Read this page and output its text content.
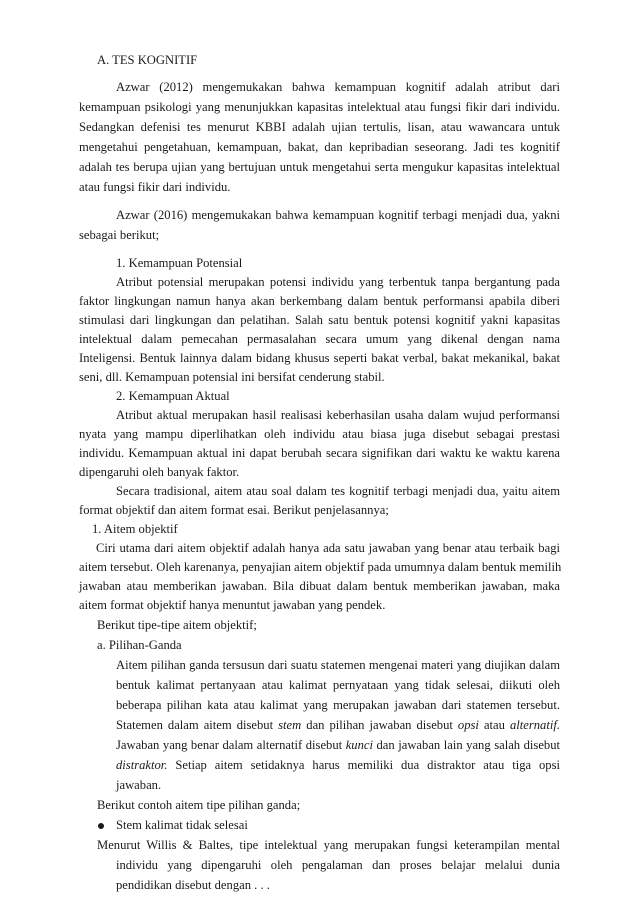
A. TES KOGNITIF
Azwar (2012) mengemukakan bahwa kemampuan kognitif adalah atribut dari
kemampuan psikologi yang menunjukkan kapasitas intelektual atau fungsi fikir dari individu.
Sedangkan defenisi tes menurut KBBI adalah ujian tertulis, lisan, atau wawancara untuk
mengetahui pengetahuan, kemampuan, bakat, dan kepribadian seseorang. Jadi tes kognitif
adalah tes berupa ujian yang bertujuan untuk mengetahui serta mengukur kapasitas intelektual
atau fungsi fikir dari individu.
Azwar (2016) mengemukakan bahwa kemampuan kognitif terbagi menjadi dua, yakni
sebagai berikut;
1. Kemampuan Potensial
Atribut potensial merupakan potensi individu yang terbentuk tanpa bergantung pada
faktor lingkungan namun hanya akan berkembang dalam bentuk performansi apabila diberi
stimulasi dari lingkungan dan pelatihan. Salah satu bentuk potensi kognitif yakni kapasitas
intelektual dalam pemecahan permasalahan secara umum yang dikenal dengan nama
Inteligensi. Bentuk lainnya dalam bidang khusus seperti bakat verbal, bakat mekanikal, bakat
seni, dll. Kemampuan potensial ini bersifat cenderung stabil.
2. Kemampuan Aktual
Atribut aktual merupakan hasil realisasi keberhasilan usaha dalam wujud performansi
nyata yang mampu diperlihatkan oleh individu atau biasa juga disebut sebagai prestasi
individu. Kemampuan aktual ini dapat berubah secara signifikan dari waktu ke waktu karena
dipengaruhi oleh banyak faktor.
Secara tradisional, aitem atau soal dalam tes kognitif terbagi menjadi dua, yaitu aitem
format objektif dan aitem format esai. Berikut penjelasannya;
1. Aitem objektif
Ciri utama dari aitem objektif adalah hanya ada satu jawaban yang benar atau terbaik bagi
aitem tersebut. Oleh karenanya, penyajian aitem objektif pada umumnya dalam bentuk memilih
jawaban atau memberikan jawaban. Bila dibuat dalam bentuk memberikan jawaban, maka
aitem format objektif hanya menuntut jawaban yang pendek.
Berikut tipe-tipe aitem objektif;
a. Pilihan-Ganda
Aitem pilihan ganda tersusun dari suatu statemen mengenai materi yang diujikan dalam
bentuk kalimat pertanyaan atau kalimat pernyataan yang tidak selesai, diikuti oleh
beberapa pilihan kata atau kalimat yang merupakan jawaban dari statemen tersebut.
Statemen dalam aitem disebut stem dan pilihan jawaban disebut opsi atau alternatif.
Jawaban yang benar dalam alternatif disebut kunci dan jawaban lain yang salah disebut
distraktor. Setiap aitem setidaknya harus memiliki dua distraktor atau tiga opsi
jawaban.
Berikut contoh aitem tipe pilihan ganda;
Stem kalimat tidak selesai
Menurut Willis & Baltes, tipe intelektual yang merupakan fungsi keterampilan mental
individu yang dipengaruhi oleh pengalaman dan proses belajar melalui dunia
pendidikan disebut dengan . . .
